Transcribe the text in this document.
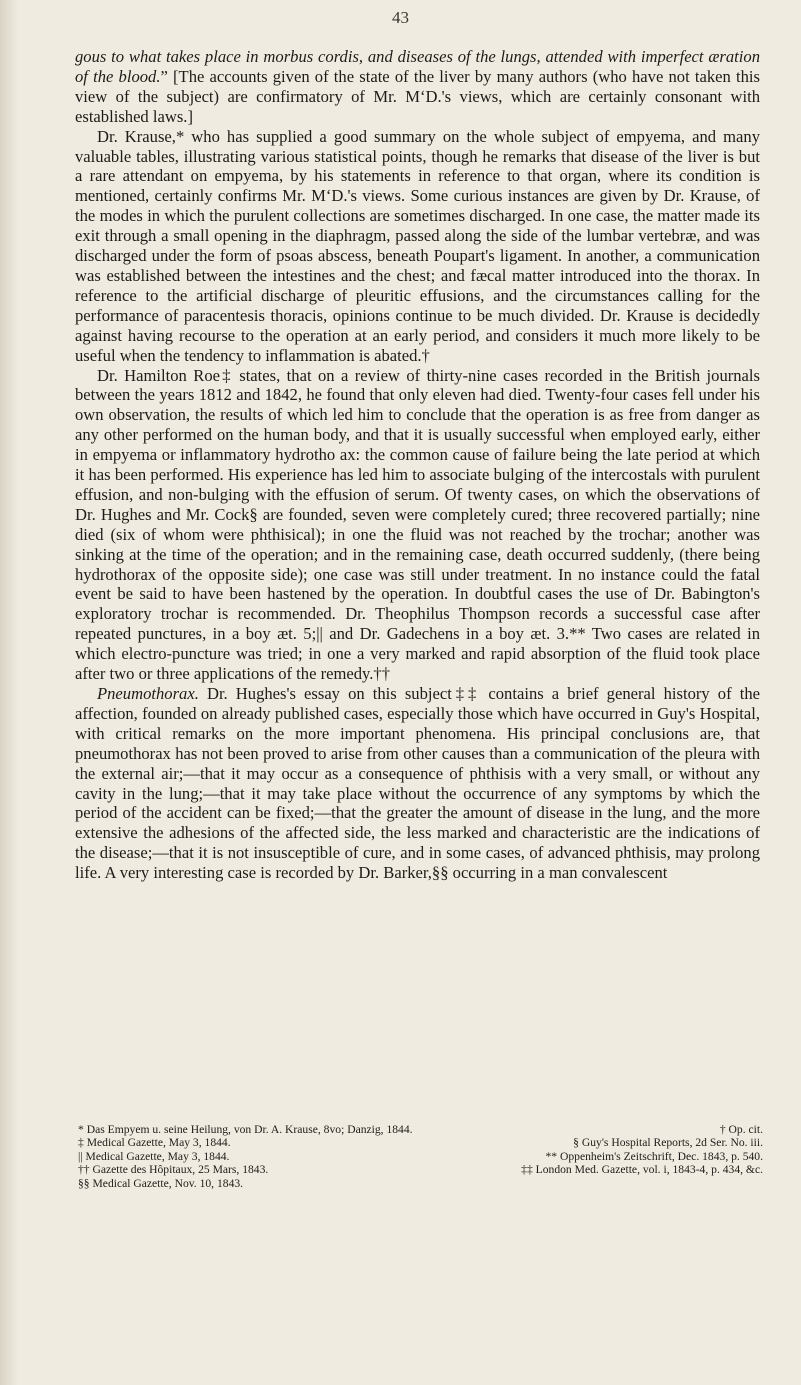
43

gous to what takes place in morbus cordis, and diseases of the lungs, attended with imperfect æration of the blood.” [The accounts given of the state of the liver by many authors (who have not taken this view of the subject) are confirmatory of Mr. M‘D.'s views, which are certainly consonant with established laws.]

Dr. Krause,* who has supplied a good summary on the whole subject of empyema, and many valuable tables, illustrating various statistical points, though he remarks that disease of the liver is but a rare attendant on empyema, by his statements in reference to that organ, where its condition is mentioned, certainly confirms Mr. M‘D.'s views. Some curious instances are given by Dr. Krause, of the modes in which the purulent collections are sometimes discharged. In one case, the matter made its exit through a small opening in the diaphragm, passed along the side of the lumbar vertebræ, and was discharged under the form of psoas abscess, beneath Poupart's ligament. In another, a communication was established between the intestines and the chest; and fæcal matter introduced into the thorax. In reference to the artificial discharge of pleuritic effusions, and the circumstances calling for the performance of paracentesis thoracis, opinions continue to be much divided. Dr. Krause is decidedly against having recourse to the operation at an early period, and considers it much more likely to be useful when the tendency to inflammation is abated.†

Dr. Hamilton Roe‡ states, that on a review of thirty-nine cases recorded in the British journals between the years 1812 and 1842, he found that only eleven had died. Twenty-four cases fell under his own observation, the results of which led him to conclude that the operation is as free from danger as any other performed on the human body, and that it is usually successful when employed early, either in empyema or inflammatory hydrotho ax: the common cause of failure being the late period at which it has been performed. His experience has led him to associate bulging of the intercostals with purulent effusion, and non-bulging with the effusion of serum. Of twenty cases, on which the observations of Dr. Hughes and Mr. Cock§ are founded, seven were completely cured; three recovered partially; nine died (six of whom were phthisical); in one the fluid was not reached by the trochar; another was sinking at the time of the operation; and in the remaining case, death occurred suddenly, (there being hydrothorax of the opposite side); one case was still under treatment. In no instance could the fatal event be said to have been hastened by the operation. In doubtful cases the use of Dr. Babington's exploratory trochar is recommended. Dr. Theophilus Thompson records a successful case after repeated punctures, in a boy æt. 5;|| and Dr. Gadechens in a boy æt. 3.** Two cases are related in which electro-puncture was tried; in one a very marked and rapid absorption of the fluid took place after two or three applications of the remedy.††

Pneumothorax. Dr. Hughes's essay on this subject‡‡ contains a brief general history of the affection, founded on already published cases, especially those which have occurred in Guy's Hospital, with critical remarks on the more important phenomena. His principal conclusions are, that pneumothorax has not been proved to arise from other causes than a communication of the pleura with the external air;—that it may occur as a consequence of phthisis with a very small, or without any cavity in the lung;—that it may take place without the occurrence of any symptoms by which the period of the accident can be fixed;—that the greater the amount of disease in the lung, and the more extensive the adhesions of the affected side, the less marked and characteristic are the indications of the disease;—that it is not insusceptible of cure, and in some cases, of advanced phthisis, may prolong life. A very interesting case is recorded by Dr. Barker,§§ occurring in a man convalescent

* Das Empyem u. seine Heilung, von Dr. A. Krause, 8vo; Danzig, 1844.	† Op. cit.
‡ Medical Gazette, May 3, 1844.	§ Guy's Hospital Reports, 2d Ser. No. iii.
|| Medical Gazette, May 3, 1844.	** Oppenheim's Zeitschrift, Dec. 1843, p. 540.
†† Gazette des Hôpitaux, 25 Mars, 1843.	‡‡ London Med. Gazette, vol. i, 1843-4, p. 434, &c.
§§ Medical Gazette, Nov. 10, 1843.
